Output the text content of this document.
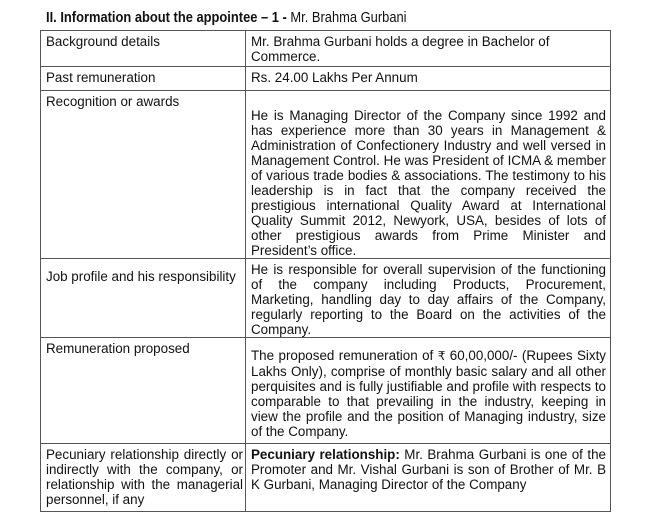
II. Information about the appointee – 1 - Mr. Brahma Gurbani
Background details	Mr. Brahma Gurbani holds a degree in Bachelor of Commerce.
Past remuneration	Rs. 24.00 Lakhs Per Annum
Recognition or awards	He is Managing Director of the Company since 1992 and has experience more than 30 years in Management & Administration of Confectionery Industry and well versed in Management Control. He was President of ICMA & member of various trade bodies & associations. The testimony to his leadership is in fact that the company received the prestigious international Quality Award at International Quality Summit 2012, Newyork, USA, besides of lots of other prestigious awards from Prime Minister and President’s office.

Job profile and his responsibility	He is responsible for overall supervision of the functioning of the company including Products, Procurement, Marketing, handling day to day affairs of the Company, regularly reporting to the Board on the activities of the Company.

Remuneration proposed	The proposed remuneration of ₹ 60,00,000/- (Rupees Sixty Lakhs Only), comprise of monthly basic salary and all other perquisites and is fully justifiable and profile with respects to comparable to that prevailing in the industry, keeping in view the profile and the position of Managing industry, size of the Company.

Pecuniary relationship directly or indirectly with the company, or relationship with the managerial personnel, if any	Pecuniary relationship: Mr. Brahma Gurbani is one of the Promoter and Mr. Vishal Gurbani is son of Brother of Mr. B K Gurbani, Managing Director of the Company
